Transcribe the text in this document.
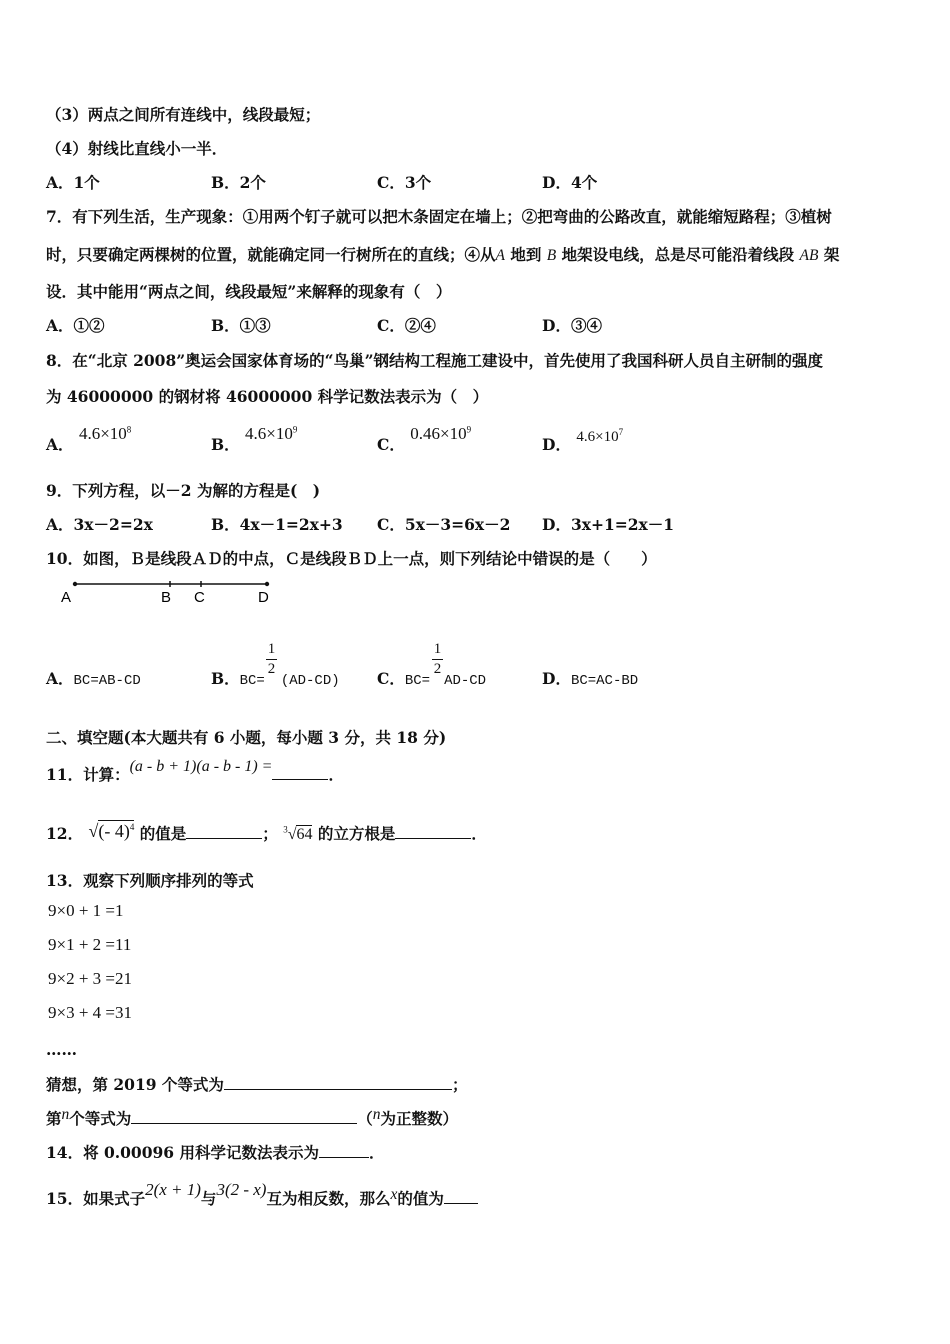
（3）两点之间所有连线中，线段最短；
（4）射线比直线小一半．
A．1个	B．2个	C．3个	D．4个
7．有下列生活，生产现象：①用两个钉子就可以把木条固定在墙上；②把弯曲的公路改直，就能缩短路程；③植树
时，只要确定两棵树的位置，就能确定同一行树所在的直线；④从A 地到 B 地架设电线，总是尽可能沿着线段 AB 架
设．其中能用“两点之间，线段最短”来解释的现象有（　）
A．①②	B．①③	C．②④	D．③④
8．在“北京 2008”奥运会国家体育场的“鸟巢”钢结构工程施工建设中，首先使用了我国科研人员自主研制的强度
为 46000000 的钢材将 46000000 科学记数法表示为（　）
A． $4.6\times 10^8$
B． $4.6\times 10^9$
C． $0.46\times 10^9$
D． $4.6\times 10^7$
9．下列方程，以－2 为解的方程是(　)
A．3x－2=2x	B．4x－1=2x+3 C．5x－3=6x－2 D．3x+1=2x－1
10．如图，Ｂ是线段ＡＤ的中点，Ｃ是线段ＢＤ上一点，则下列结论中错误的是（　　）
A	B C	D
A．BC=AB-CD	B．BC= (AD-CD)
1
2	C．BC= AD-CD
1
2	D．BC=AC-BD
二、填空题(本大题共有 6 小题，每小题 3 分，共 18 分)
11．计算：(a - b + 1)(a - b - 1) =	．
12． √(- 4)$^4$ 的值是	； $^3$√64 的立方根是	．
13．观察下列顺序排列的等式
9×0 + 1 =1
9×1 + 2 =11
9×2 + 3 =21
9×3 + 4 =31
……
猜想，第 2019 个等式为	；
第n个等式为	（n为正整数）
14．将 0.00096 用科学记数法表示为	．
15．如果式子2(x + 1)与3(2 - x)互为相反数，那么x的值为
